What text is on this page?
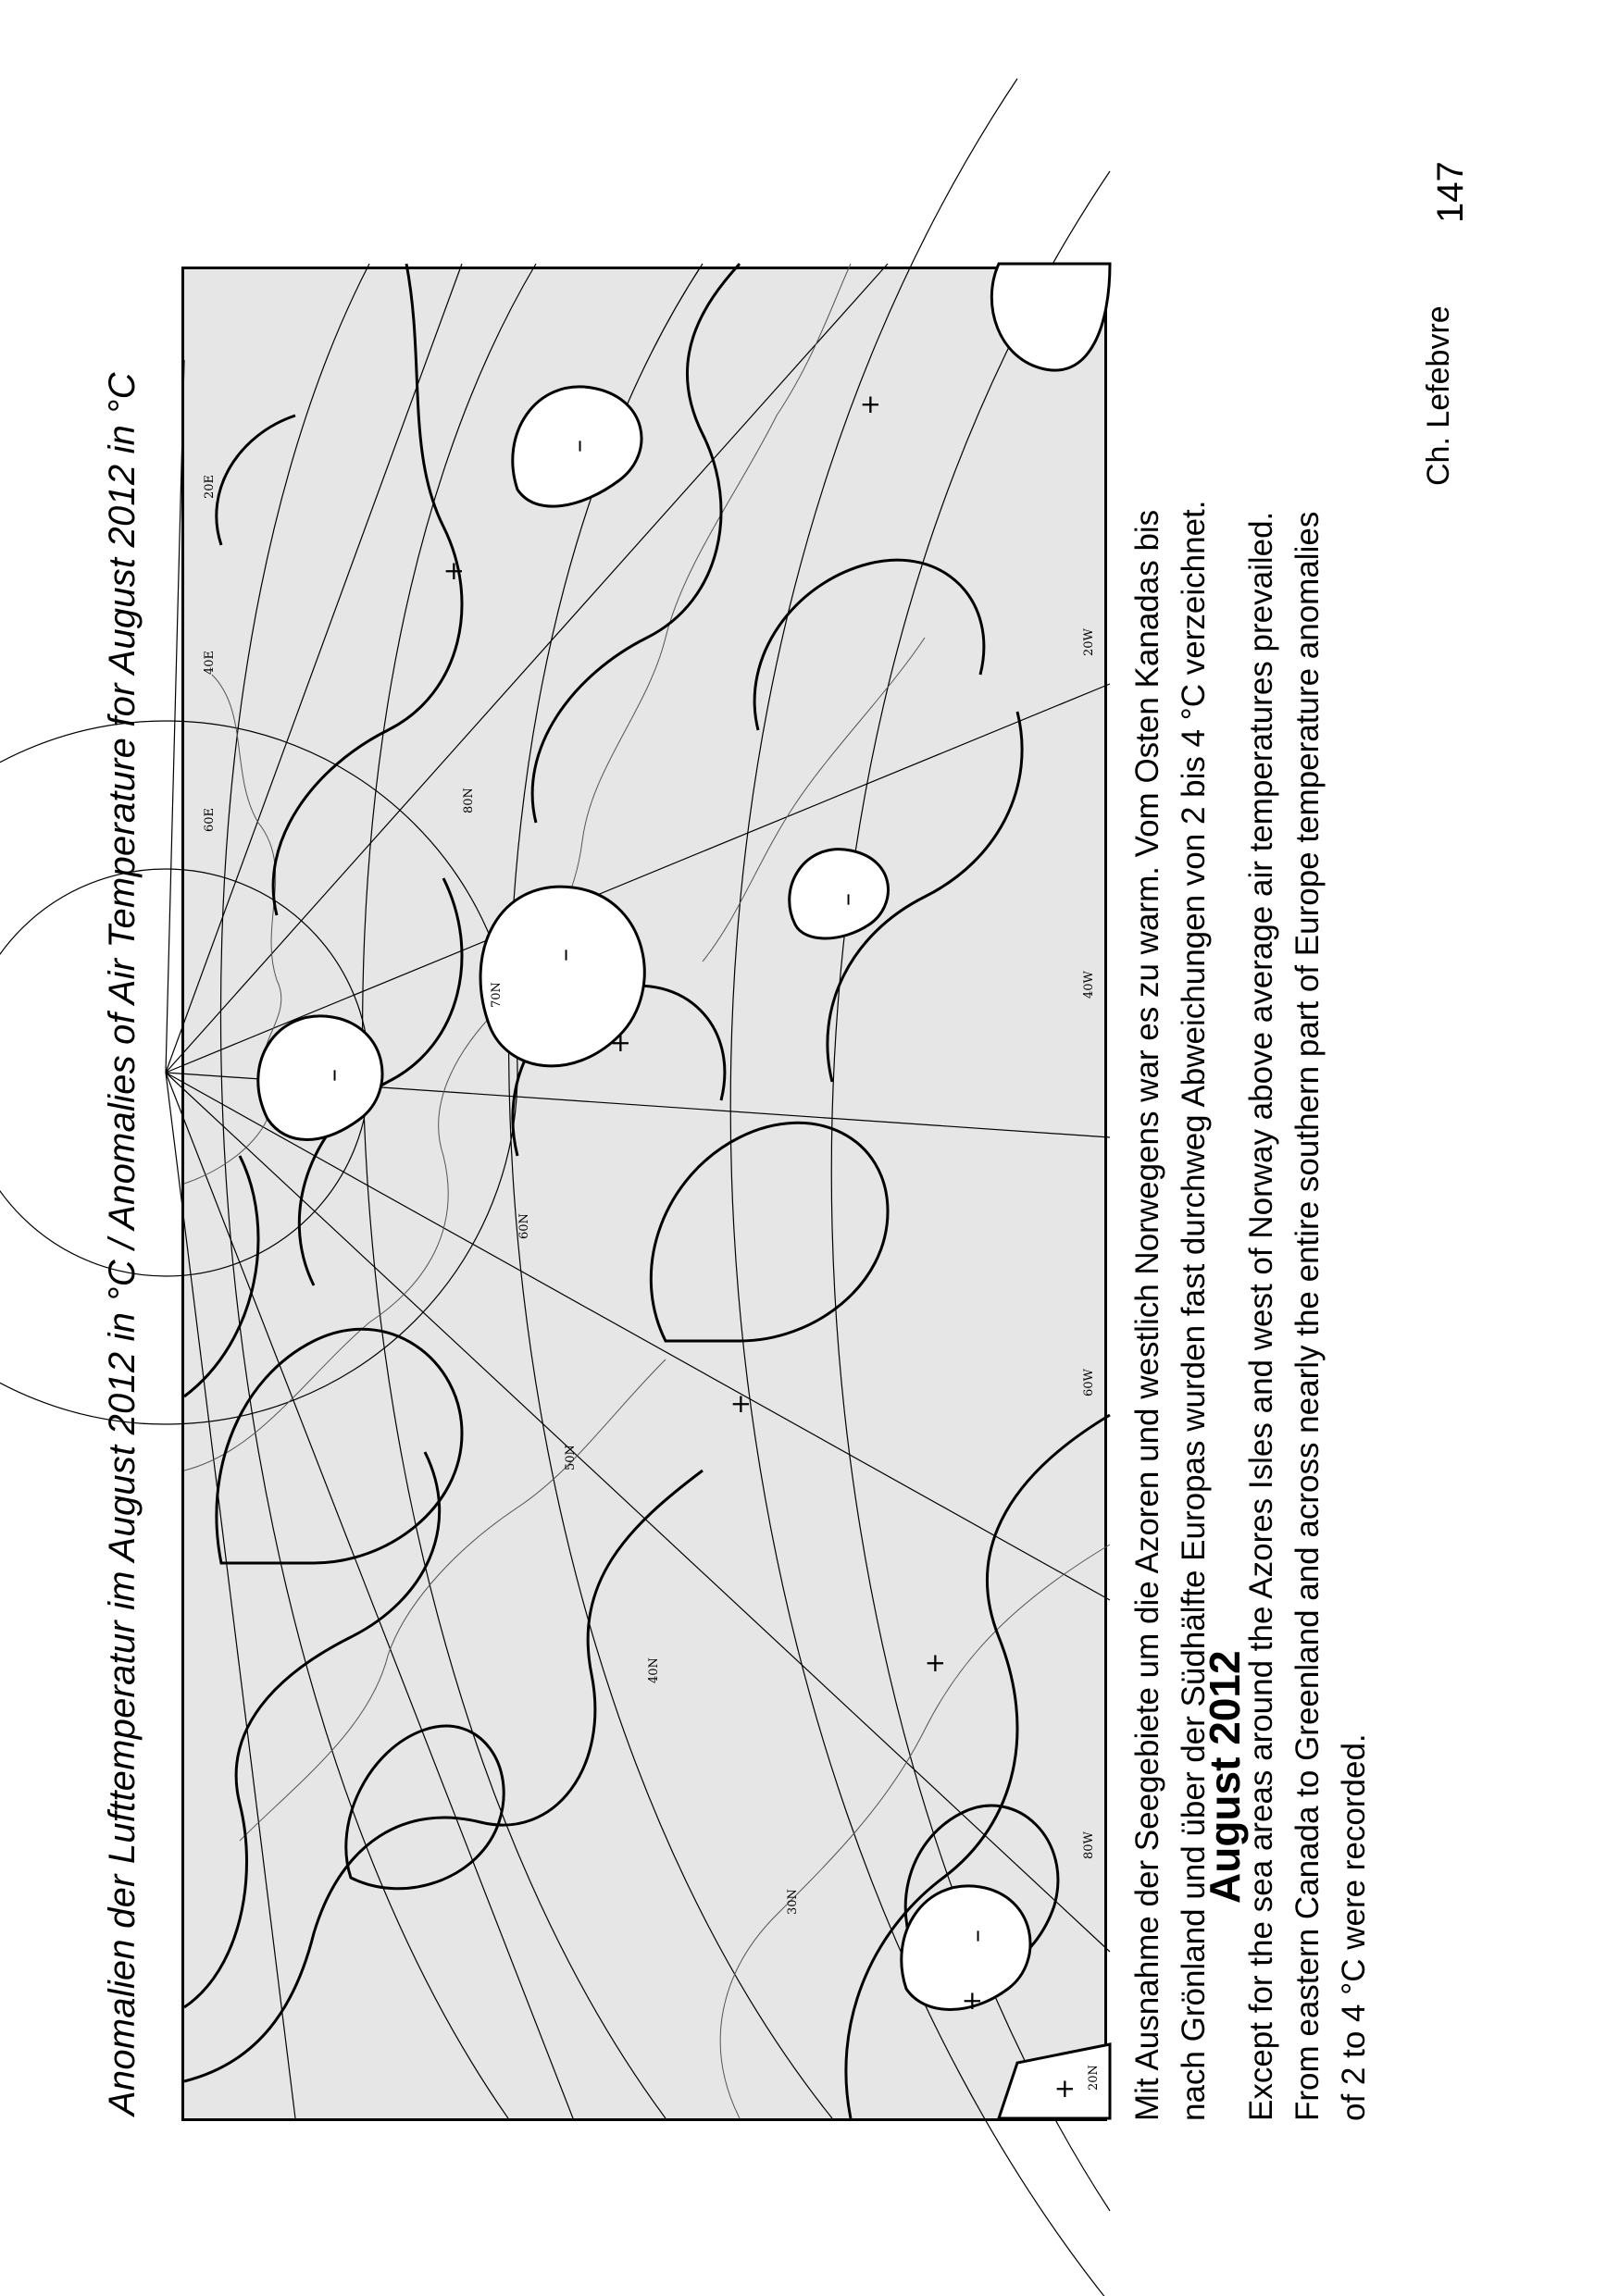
Anomalien der Lufttemperatur im August 2012 in °C / Anomalies of Air Temperature for August 2012 in °C	–
–
–
–
–
+
+
+
+
+
+
+ 20N
30N
40N
50N
60N
70N
80N
20W
40W
60W
80W
20E
40E
60E
August 2012
Mit Ausnahme der Seegebiete um die Azoren und westlich Norwegens war es zu warm. Vom Osten Kanadas bis nach Grönland und über der Südhälfte Europas wurden fast durchweg Abweichungen von 2 bis 4 °C verzeichnet. Except for the sea areas around the Azores Isles and west of Norway above average air temperatures prevailed. From eastern Canada to Greenland and across nearly the entire southern part of Europe temperature anomalies of 2 to 4 °C were recorded.
Ch. Lefebvre
147
